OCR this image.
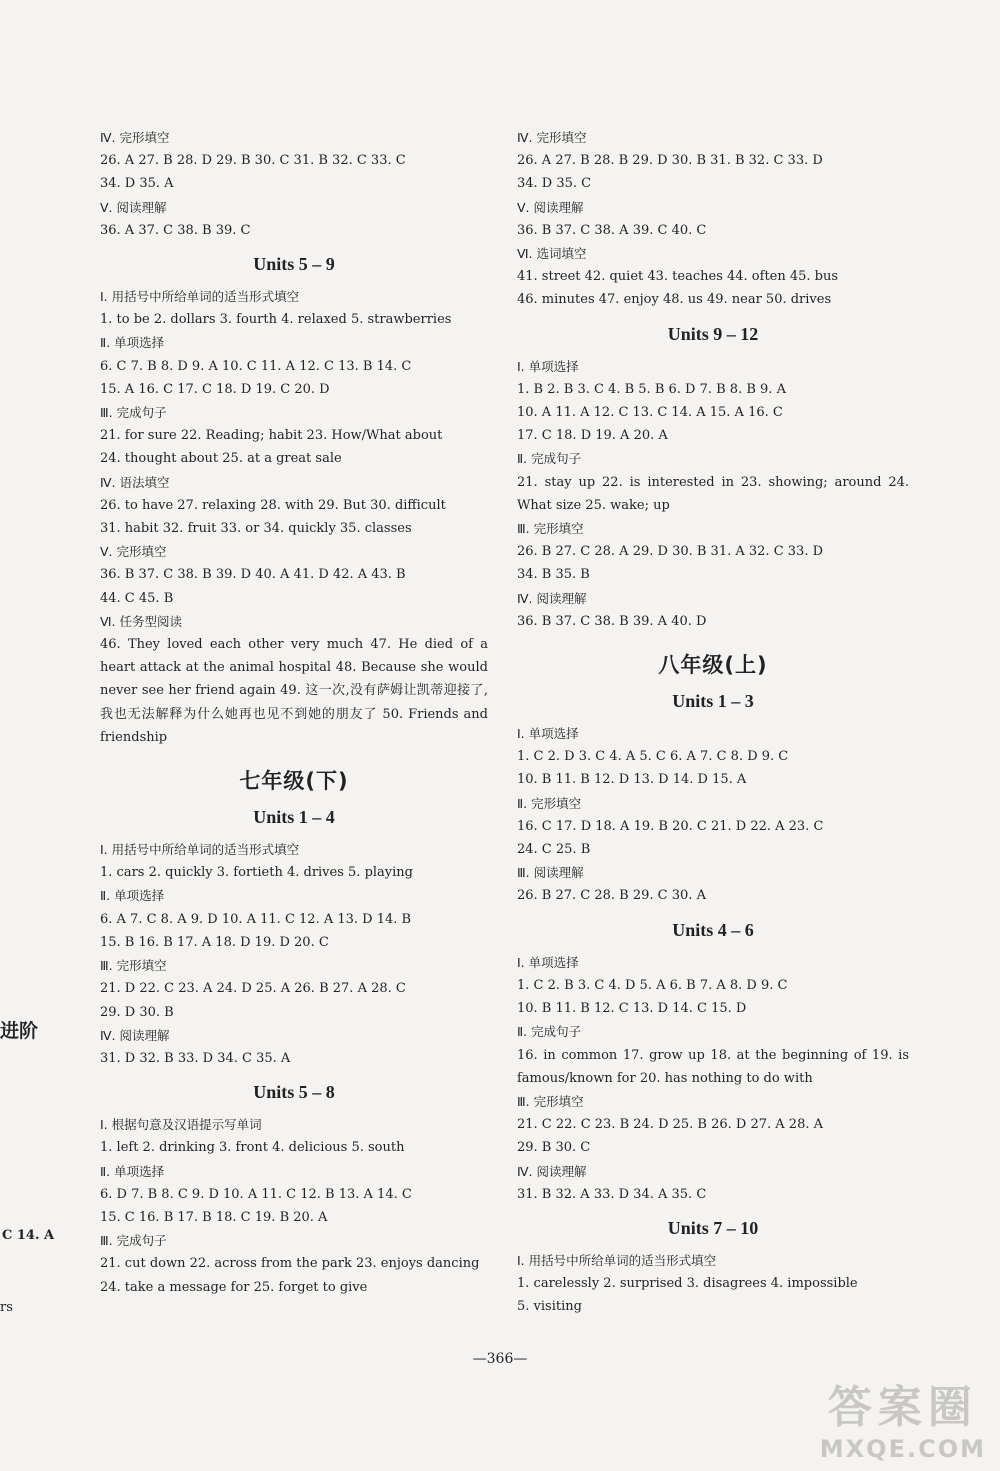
Ⅳ. 完形填空
26. A 27. B 28. D 29. B 30. C 31. B 32. C 33. C
34. D 35. A
Ⅴ. 阅读理解
36. A 37. C 38. B 39. C
Units 5 – 9
Ⅰ. 用括号中所给单词的适当形式填空
1. to be 2. dollars 3. fourth 4. relaxed 5. strawberries
Ⅱ. 单项选择
6. C 7. B 8. D 9. A 10. C 11. A 12. C 13. B 14. C
15. A 16. C 17. C 18. D 19. C 20. D
Ⅲ. 完成句子
21. for sure 22. Reading; habit 23. How/What about
24. thought about 25. at a great sale
Ⅳ. 语法填空
26. to have 27. relaxing 28. with 29. But 30. difficult
31. habit 32. fruit 33. or 34. quickly 35. classes
Ⅴ. 完形填空
36. B 37. C 38. B 39. D 40. A 41. D 42. A 43. B
44. C 45. B
Ⅵ. 任务型阅读
46. They loved each other very much 47. He died of a heart attack at the animal hospital 48. Because she would never see her friend again 49. 这一次,没有萨姆让凯蒂迎接了,我也无法解释为什么她再也见不到她的朋友了 50. Friends and friendship
七年级(下)
Units 1 – 4
Ⅰ. 用括号中所给单词的适当形式填空
1. cars 2. quickly 3. fortieth 4. drives 5. playing
Ⅱ. 单项选择
6. A 7. C 8. A 9. D 10. A 11. C 12. A 13. D 14. B
15. B 16. B 17. A 18. D 19. D 20. C
Ⅲ. 完形填空
21. D 22. C 23. A 24. D 25. A 26. B 27. A 28. C
29. D 30. B
Ⅳ. 阅读理解
31. D 32. B 33. D 34. C 35. A
Units 5 – 8
Ⅰ. 根据句意及汉语提示写单词
1. left 2. drinking 3. front 4. delicious 5. south
Ⅱ. 单项选择
6. D 7. B 8. C 9. D 10. A 11. C 12. B 13. A 14. C
15. C 16. B 17. B 18. C 19. B 20. A
Ⅲ. 完成句子
21. cut down 22. across from the park 23. enjoys dancing
24. take a message for 25. forget to give
Ⅳ. 完形填空
26. A 27. B 28. B 29. D 30. B 31. B 32. C 33. D
34. D 35. C
Ⅴ. 阅读理解
36. B 37. C 38. A 39. C 40. C
Ⅵ. 选词填空
41. street 42. quiet 43. teaches 44. often 45. bus
46. minutes 47. enjoy 48. us 49. near 50. drives
Units 9 – 12
Ⅰ. 单项选择
1. B 2. B 3. C 4. B 5. B 6. D 7. B 8. B 9. A
10. A 11. A 12. C 13. C 14. A 15. A 16. C
17. C 18. D 19. A 20. A
Ⅱ. 完成句子
21. stay up 22. is interested in 23. showing; around 24. What size 25. wake; up
Ⅲ. 完形填空
26. B 27. C 28. A 29. D 30. B 31. A 32. C 33. D
34. B 35. B
Ⅳ. 阅读理解
36. B 37. C 38. B 39. A 40. D
八年级(上)
Units 1 – 3
Ⅰ. 单项选择
1. C 2. D 3. C 4. A 5. C 6. A 7. C 8. D 9. C
10. B 11. B 12. D 13. D 14. D 15. A
Ⅱ. 完形填空
16. C 17. D 18. A 19. B 20. C 21. D 22. A 23. C
24. C 25. B
Ⅲ. 阅读理解
26. B 27. C 28. B 29. C 30. A
Units 4 – 6
Ⅰ. 单项选择
1. C 2. B 3. C 4. D 5. A 6. B 7. A 8. D 9. C
10. B 11. B 12. C 13. D 14. C 15. D
Ⅱ. 完成句子
16. in common 17. grow up 18. at the beginning of 19. is famous/known for 20. has nothing to do with
Ⅲ. 完形填空
21. C 22. C 23. B 24. D 25. B 26. D 27. A 28. A
29. B 30. C
Ⅳ. 阅读理解
31. B 32. A 33. D 34. A 35. C
Units 7 – 10
Ⅰ. 用括号中所给单词的适当形式填空
1. carelessly 2. surprised 3. disagrees 4. impossible
5. visiting
—366—
进阶
C 14. A
rs
答案圈
MXQE.COM
